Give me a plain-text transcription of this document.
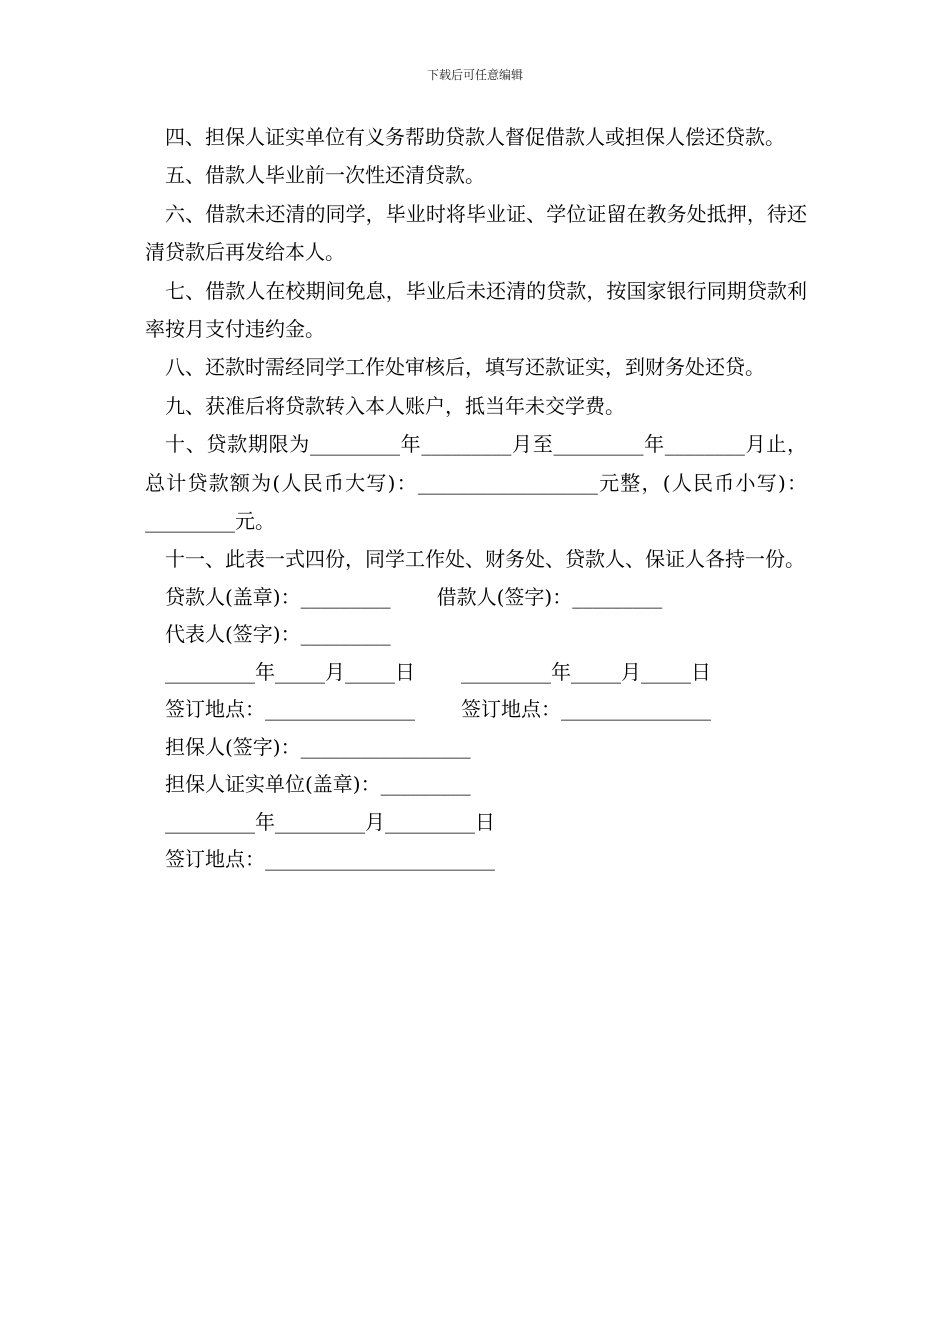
下载后可任意编辑

四、担保人证实单位有义务帮助贷款人督促借款人或担保人偿还贷款。

五、借款人毕业前一次性还清贷款。

六、借款未还清的同学，毕业时将毕业证、学位证留在教务处抵押，待还清贷款后再发给本人。

七、借款人在校期间免息，毕业后未还清的贷款，按国家银行同期贷款利率按月支付违约金。

八、还款时需经同学工作处审核后，填写还款证实，到财务处还贷。

九、获准后将贷款转入本人账户，抵当年未交学费。

十、贷款期限为_________年_________月至_________年________月止，总计贷款额为(人民币大写)：__________________元整，(人民币小写)：_________元。

十一、此表一式四份，同学工作处、财务处、贷款人、保证人各持一份。

贷款人(盖章)：_________ 借款人(签字)：_________

代表人(签字)：_________

_________年_____月_____日 _________年_____月_____日

签订地点：_______________ 签订地点：_______________

担保人(签字)：_________________

担保人证实单位(盖章)：_________

_________年_________月_________日

签订地点：_______________________
